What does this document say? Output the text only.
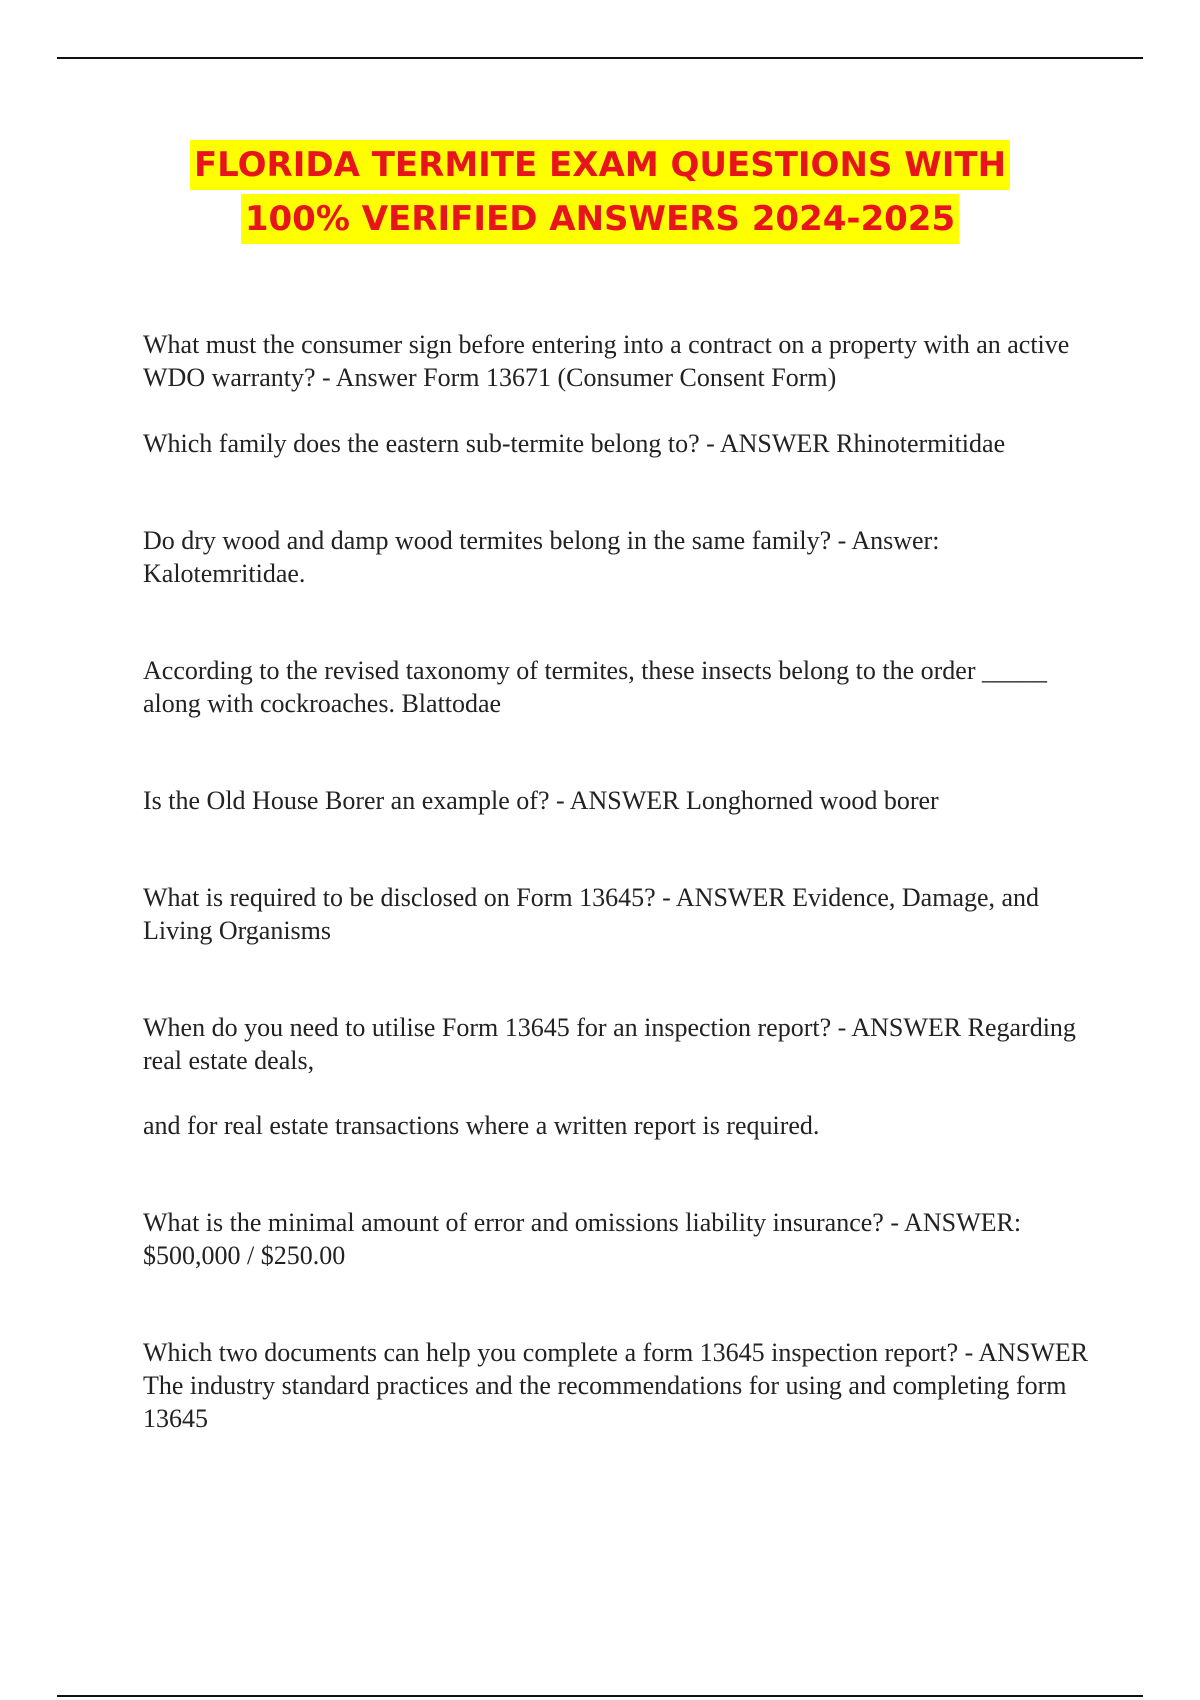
FLORIDA TERMITE EXAM QUESTIONS WITH
100% VERIFIED ANSWERS 2024-2025

What must the consumer sign before entering into a contract on a property with an active WDO warranty? - Answer Form 13671 (Consumer Consent Form)

Which family does the eastern sub-termite belong to? - ANSWER Rhinotermitidae

Do dry wood and damp wood termites belong in the same family? - Answer: Kalotemritidae.

According to the revised taxonomy of termites, these insects belong to the order _____ along with cockroaches. Blattodae

Is the Old House Borer an example of? - ANSWER Longhorned wood borer

What is required to be disclosed on Form 13645? - ANSWER Evidence, Damage, and Living Organisms

When do you need to utilise Form 13645 for an inspection report? - ANSWER Regarding real estate deals,

and for real estate transactions where a written report is required.

What is the minimal amount of error and omissions liability insurance? - ANSWER: $500,000 / $250.00

Which two documents can help you complete a form 13645 inspection report? - ANSWER The industry standard practices and the recommendations for using and completing form 13645
